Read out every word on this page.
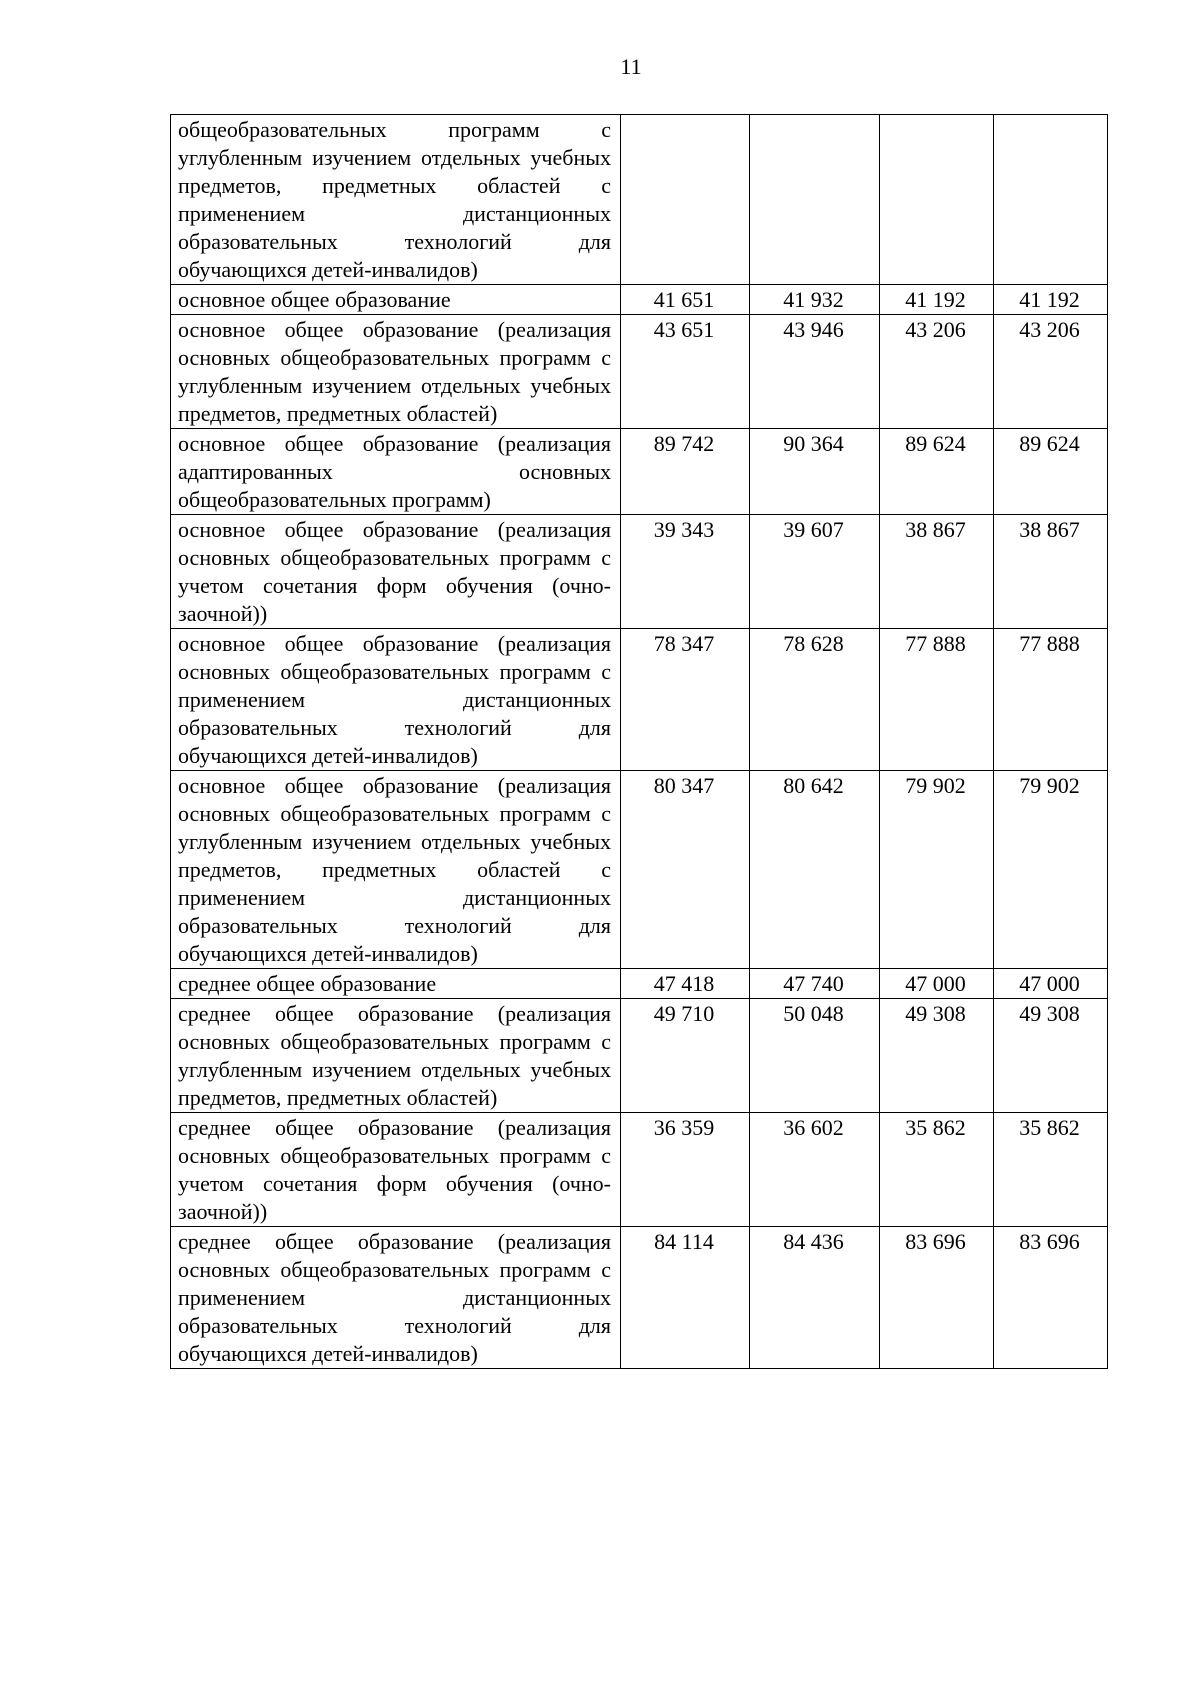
11
общеобразовательных программ с углубленным изучением отдельных учебных предметов, предметных областей с применением дистанционных образовательных технологий для обучающихся детей-инвалидов)				
основное общее образование	41 651	41 932	41 192	41 192
основное общее образование (реализация основных общеобразовательных программ с углубленным изучением отдельных учебных предметов, предметных областей)	43 651	43 946	43 206	43 206
основное общее образование (реализация адаптированных основных общеобразовательных программ)	89 742	90 364	89 624	89 624
основное общее образование (реализация основных общеобразовательных программ с учетом сочетания форм обучения (очно-заочной))	39 343	39 607	38 867	38 867
основное общее образование (реализация основных общеобразовательных программ с применением дистанционных образовательных технологий для обучающихся детей-инвалидов)	78 347	78 628	77 888	77 888
основное общее образование (реализация основных общеобразовательных программ с углубленным изучением отдельных учебных предметов, предметных областей с применением дистанционных образовательных технологий для обучающихся детей-инвалидов)	80 347	80 642	79 902	79 902
среднее общее образование	47 418	47 740	47 000	47 000
среднее общее образование (реализация основных общеобразовательных программ с углубленным изучением отдельных учебных предметов, предметных областей)	49 710	50 048	49 308	49 308
среднее общее образование (реализация основных общеобразовательных программ с учетом сочетания форм обучения (очно-заочной))	36 359	36 602	35 862	35 862
среднее общее образование (реализация основных общеобразовательных программ с применением дистанционных образовательных технологий для обучающихся детей-инвалидов)	84 114	84 436	83 696	83 696
